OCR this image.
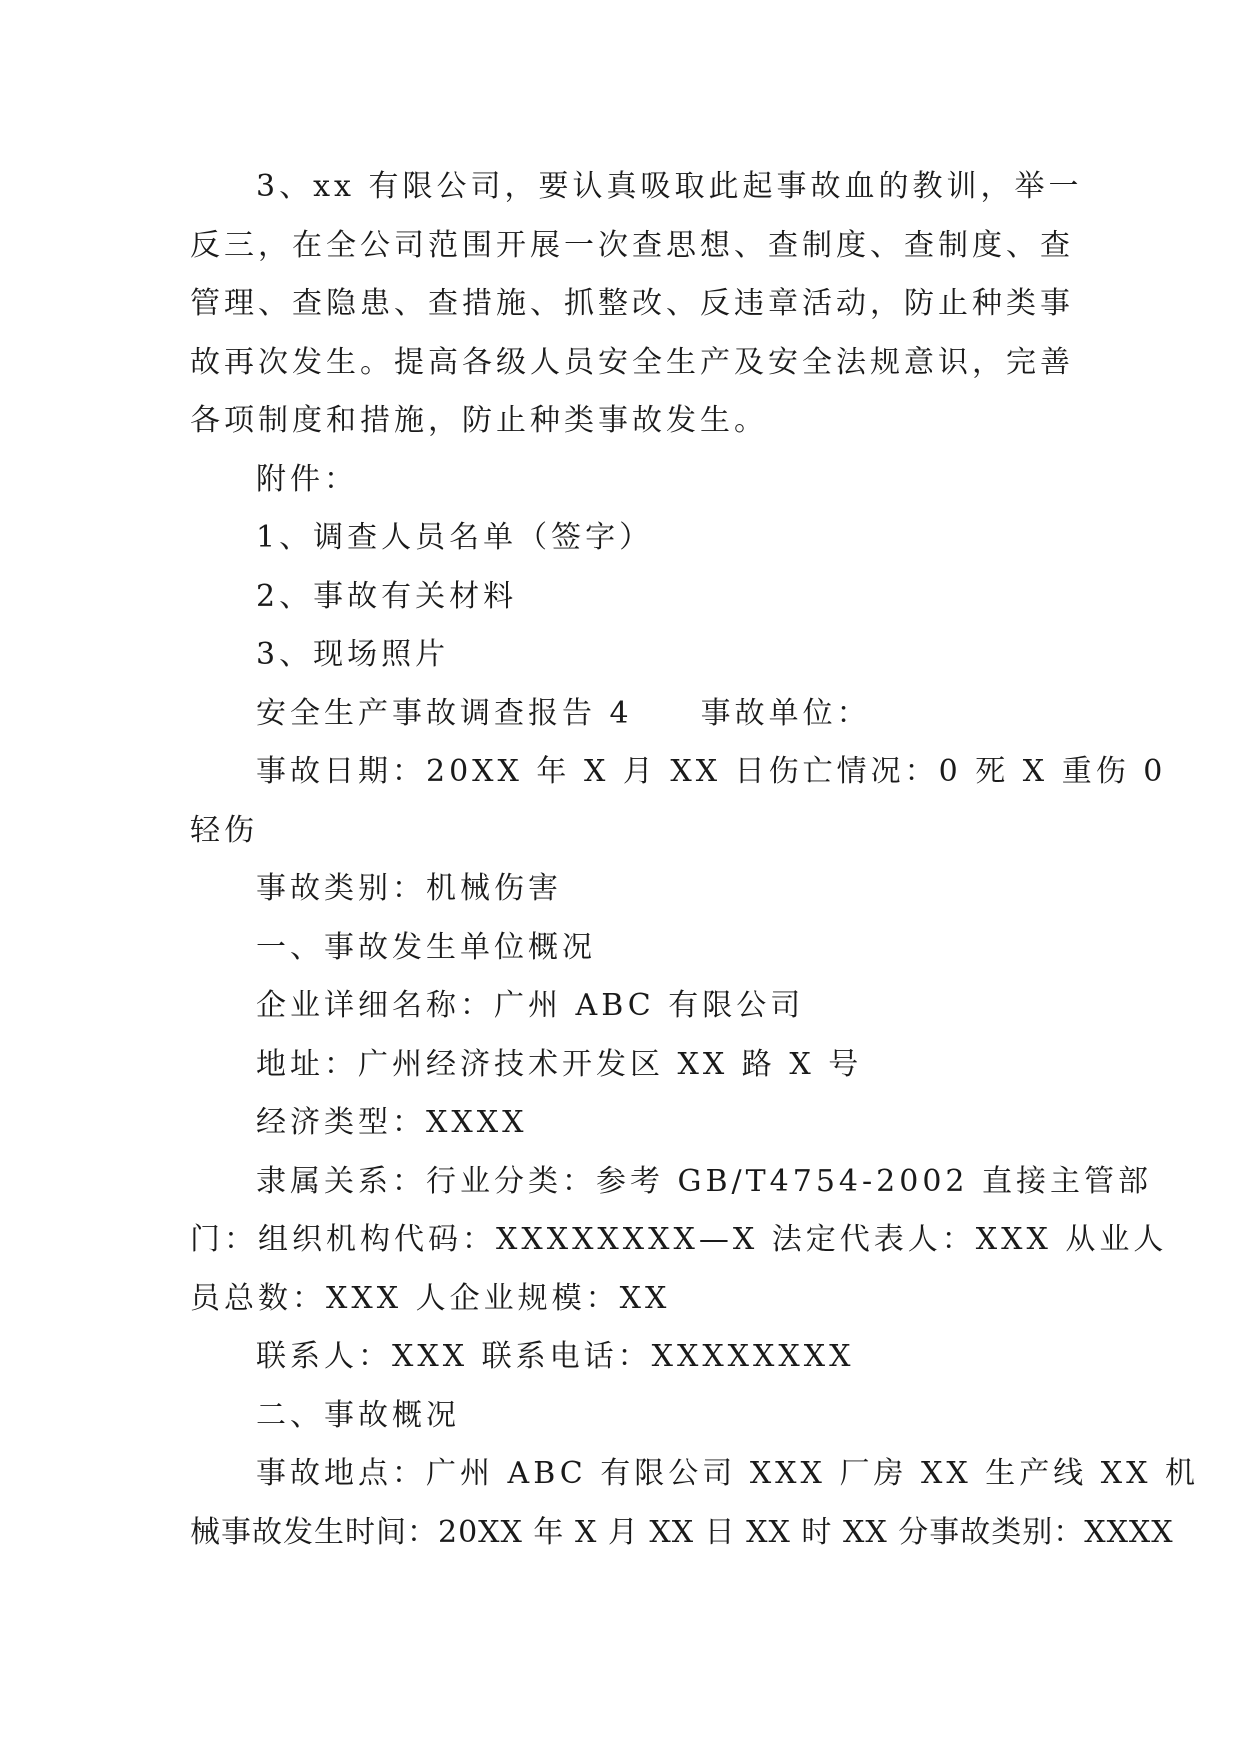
3、xx 有限公司，要认真吸取此起事故血的教训，举一

反三，在全公司范围开展一次查思想、查制度、查制度、查

管理、查隐患、查措施、抓整改、反违章活动，防止种类事

故再次发生。提高各级人员安全生产及安全法规意识，完善

各项制度和措施，防止种类事故发生。

附件：

1、调查人员名单（签字）

2、事故有关材料

3、现场照片

安全生产事故调查报告 4　　事故单位：

事故日期：20XX 年 X 月 XX 日伤亡情况：0 死 X 重伤 0

轻伤

事故类别：机械伤害

一、事故发生单位概况

企业详细名称：广州 ABC 有限公司

地址：广州经济技术开发区 XX 路 X 号

经济类型：XXXX

隶属关系：行业分类：参考 GB/T4754-2002 直接主管部

门：组织机构代码：XXXXXXXX—X 法定代表人：XXX 从业人

员总数：XXX 人企业规模：XX

联系人：XXX 联系电话：XXXXXXXX

二、事故概况

事故地点：广州 ABC 有限公司 XXX 厂房 XX 生产线 XX 机

械事故发生时间：20XX 年 X 月 XX 日 XX 时 XX 分事故类别：XXXX
